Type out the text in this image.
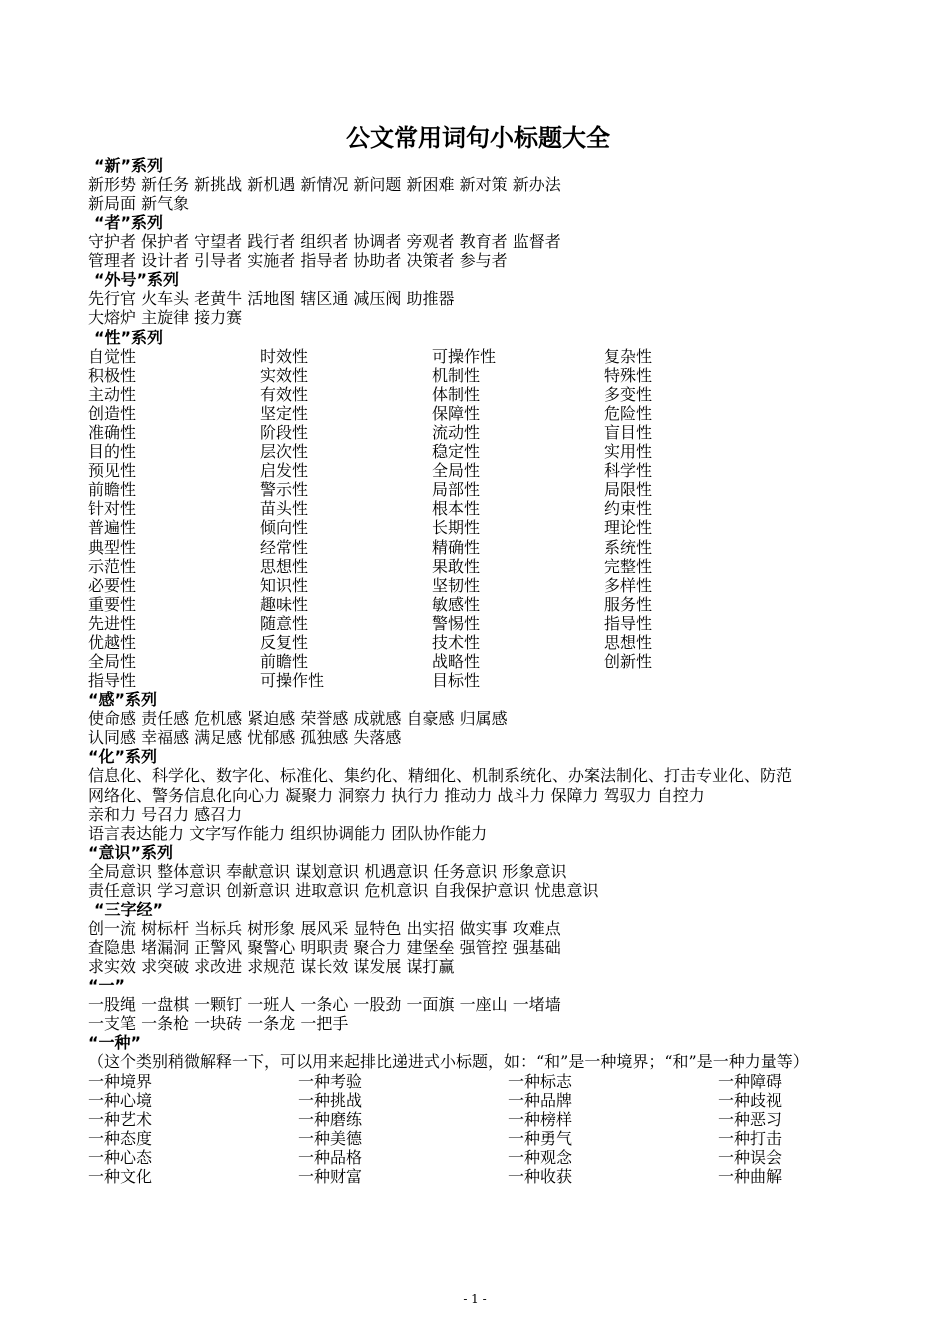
公文常用词句小标题大全
“新”系列
新形势 新任务 新挑战 新机遇 新情况 新问题 新困难 新对策 新办法
新局面 新气象
“者”系列
守护者 保护者 守望者 践行者 组织者 协调者 旁观者 教育者 监督者
管理者 设计者 引导者 实施者 指导者 协助者 决策者 参与者
“外号”系列
先行官 火车头 老黄牛 活地图 辖区通 减压阀 助推器
大熔炉 主旋律 接力赛
“性”系列
自觉性	时效性	可操作性	复杂性
积极性	实效性	机制性	特殊性
主动性	有效性	体制性	多变性
创造性	坚定性	保障性	危险性
准确性	阶段性	流动性	盲目性
目的性	层次性	稳定性	实用性
预见性	启发性	全局性	科学性
前瞻性	警示性	局部性	局限性
针对性	苗头性	根本性	约束性
普遍性	倾向性	长期性	理论性
典型性	经常性	精确性	系统性
示范性	思想性	果敢性	完整性
必要性	知识性	坚韧性	多样性
重要性	趣味性	敏感性	服务性
先进性	随意性	警惕性	指导性
优越性	反复性	技术性	思想性
全局性	前瞻性	战略性	创新性
指导性	可操作性	目标性
“感”系列
使命感 责任感 危机感 紧迫感 荣誉感 成就感 自豪感 归属感
认同感 幸福感 满足感 忧郁感 孤独感 失落感
“化”系列
信息化、科学化、数字化、标准化、集约化、精细化、机制系统化、办案法制化、打击专业化、防范
网络化、警务信息化向心力 凝聚力 洞察力 执行力 推动力 战斗力 保障力 驾驭力 自控力
亲和力 号召力 感召力
语言表达能力 文字写作能力 组织协调能力 团队协作能力
“意识”系列
全局意识 整体意识 奉献意识 谋划意识 机遇意识 任务意识 形象意识
责任意识 学习意识 创新意识 进取意识 危机意识 自我保护意识 忧患意识
“三字经”
创一流 树标杆 当标兵 树形象 展风采 显特色 出实招 做实事 攻难点
查隐患 堵漏洞 正警风 聚警心 明职责 聚合力 建堡垒 强管控 强基础
求实效 求突破 求改进 求规范 谋长效 谋发展 谋打赢
“一”
一股绳 一盘棋 一颗钉 一班人 一条心 一股劲 一面旗 一座山 一堵墙
一支笔 一条枪 一块砖 一条龙 一把手
“一种”
（这个类别稍微解释一下，可以用来起排比递进式小标题，如：“和”是一种境界；“和”是一种力量等）
一种境界	一种考验	一种标志	一种障碍
一种心境	一种挑战	一种品牌	一种歧视
一种艺术	一种磨练	一种榜样	一种恶习
一种态度	一种美德	一种勇气	一种打击
一种心态	一种品格	一种观念	一种误会
一种文化	一种财富	一种收获	一种曲解
- 1 -
